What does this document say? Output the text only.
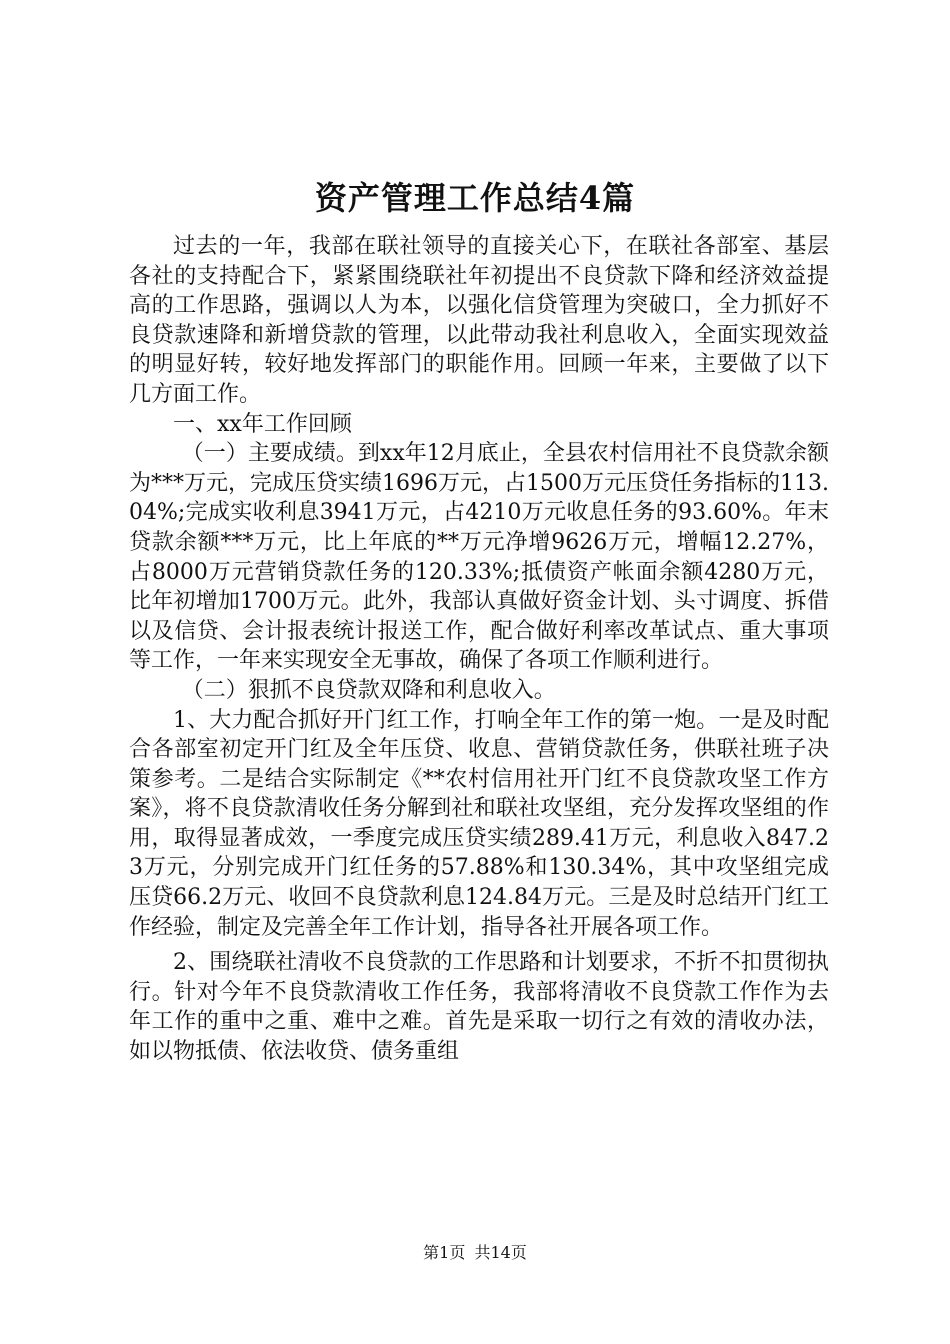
资产管理工作总结4篇

过去的一年，我部在联社领导的直接关心下，在联社各部室、基层各社的支持配合下，紧紧围绕联社年初提出不良贷款下降和经济效益提高的工作思路，强调以人为本，以强化信贷管理为突破口，全力抓好不良贷款速降和新增贷款的管理，以此带动我社利息收入，全面实现效益的明显好转，较好地发挥部门的职能作用。回顾一年来，主要做了以下几方面工作。

一、xx年工作回顾

（一）主要成绩。到xx年12月底止，全县农村信用社不良贷款余额为***万元，完成压贷实绩1696万元，占1500万元压贷任务指标的113.04%;完成实收利息3941万元，占4210万元收息任务的93.60%。年末贷款余额***万元，比上年底的**万元净增9626万元，增幅12.27%，占8000万元营销贷款任务的120.33%;抵债资产帐面余额4280万元，比年初增加1700万元。此外，我部认真做好资金计划、头寸调度、拆借以及信贷、会计报表统计报送工作，配合做好利率改革试点、重大事项等工作，一年来实现安全无事故，确保了各项工作顺利进行。

（二）狠抓不良贷款双降和利息收入。

1、大力配合抓好开门红工作，打响全年工作的第一炮。一是及时配合各部室初定开门红及全年压贷、收息、营销贷款任务，供联社班子决策参考。二是结合实际制定《**农村信用社开门红不良贷款攻坚工作方案》，将不良贷款清收任务分解到社和联社攻坚组，充分发挥攻坚组的作用，取得显著成效，一季度完成压贷实绩289.41万元，利息收入847.23万元，分别完成开门红任务的57.88%和130.34%，其中攻坚组完成压贷66.2万元、收回不良贷款利息124.84万元。三是及时总结开门红工作经验，制定及完善全年工作计划，指导各社开展各项工作。

2、围绕联社清收不良贷款的工作思路和计划要求，不折不扣贯彻执行。针对今年不良贷款清收工作任务，我部将清收不良贷款工作作为去年工作的重中之重、难中之难。首先是采取一切行之有效的清收办法，如以物抵债、依法收贷、债务重组

第1页 共14页
